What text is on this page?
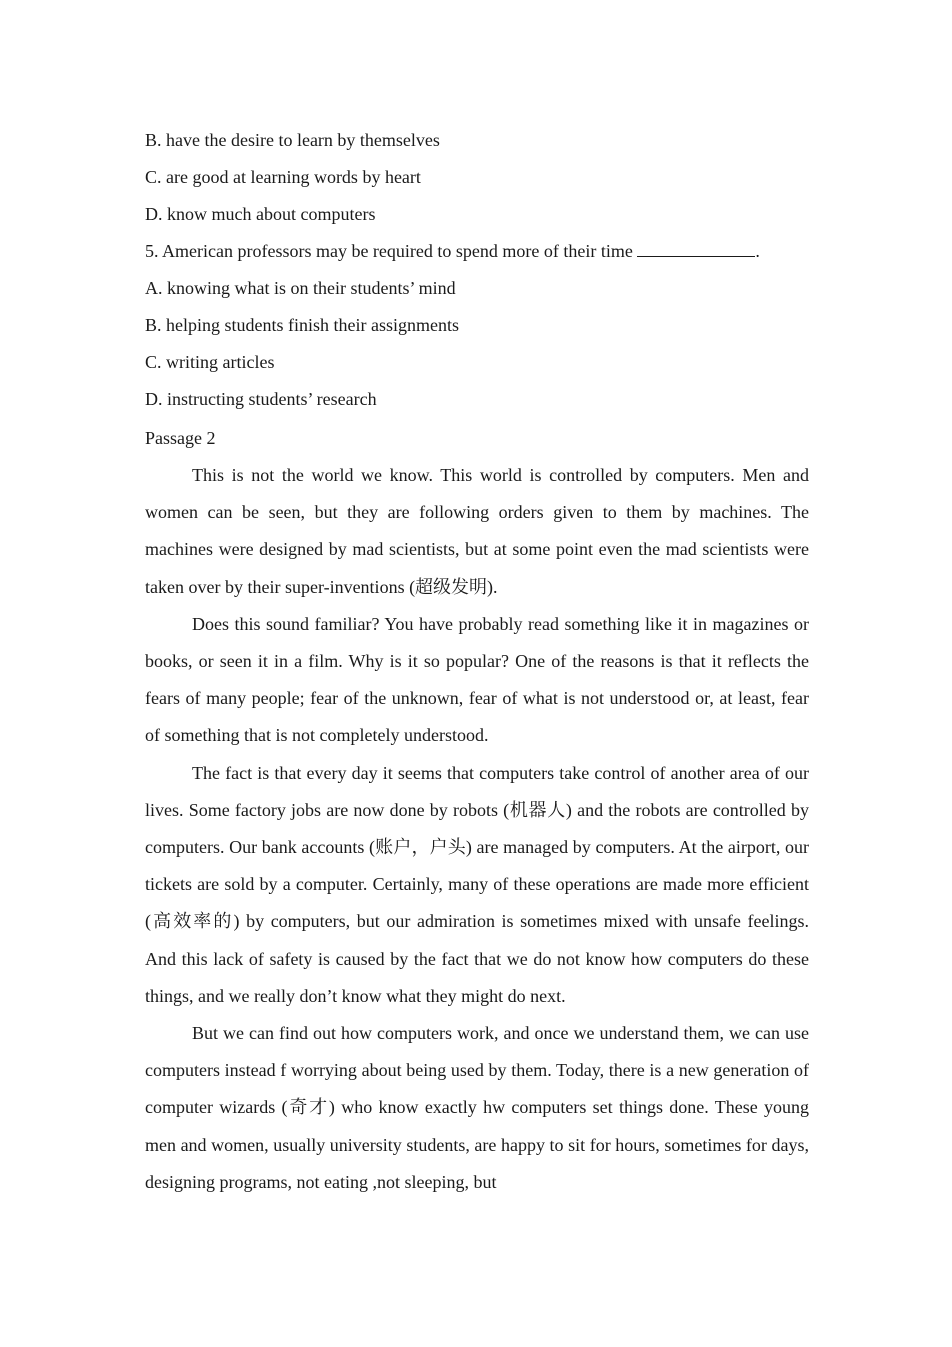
B. have the desire to learn by themselves

C. are good at learning words by heart

D. know much about computers

5. American professors may be required to spend more of their time	.

A. knowing what is on their students’ mind

B. helping students finish their assignments

C. writing articles

D. instructing students’ research

Passage 2

This is not the world we know. This world is controlled by computers. Men and women can be seen, but they are following orders given to them by machines. The machines were designed by mad scientists, but at some point even the mad scientists were taken over by their super-inventions (超级发明).

Does this sound familiar? You have probably read something like it in magazines or books, or seen it in a film. Why is it so popular? One of the reasons is that it reflects the fears of many people; fear of the unknown, fear of what is not understood or, at least, fear of something that is not completely understood.

The fact is that every day it seems that computers take control of another area of our lives. Some factory jobs are now done by robots (机器人) and the robots are controlled by computers. Our bank accounts (账户，户头) are managed by computers. At the airport, our tickets are sold by a computer. Certainly, many of these operations are made more efficient (高效率的) by computers, but our admiration is sometimes mixed with unsafe feelings. And this lack of safety is caused by the fact that we do not know how computers do these things, and we really don’t know what they might do next.

But we can find out how computers work, and once we understand them, we can use computers instead f worrying about being used by them. Today, there is a new generation of computer wizards (奇才) who know exactly hw computers set things done. These young men and women, usually university students, are happy to sit for hours, sometimes for days, designing programs, not eating ,not sleeping, but
